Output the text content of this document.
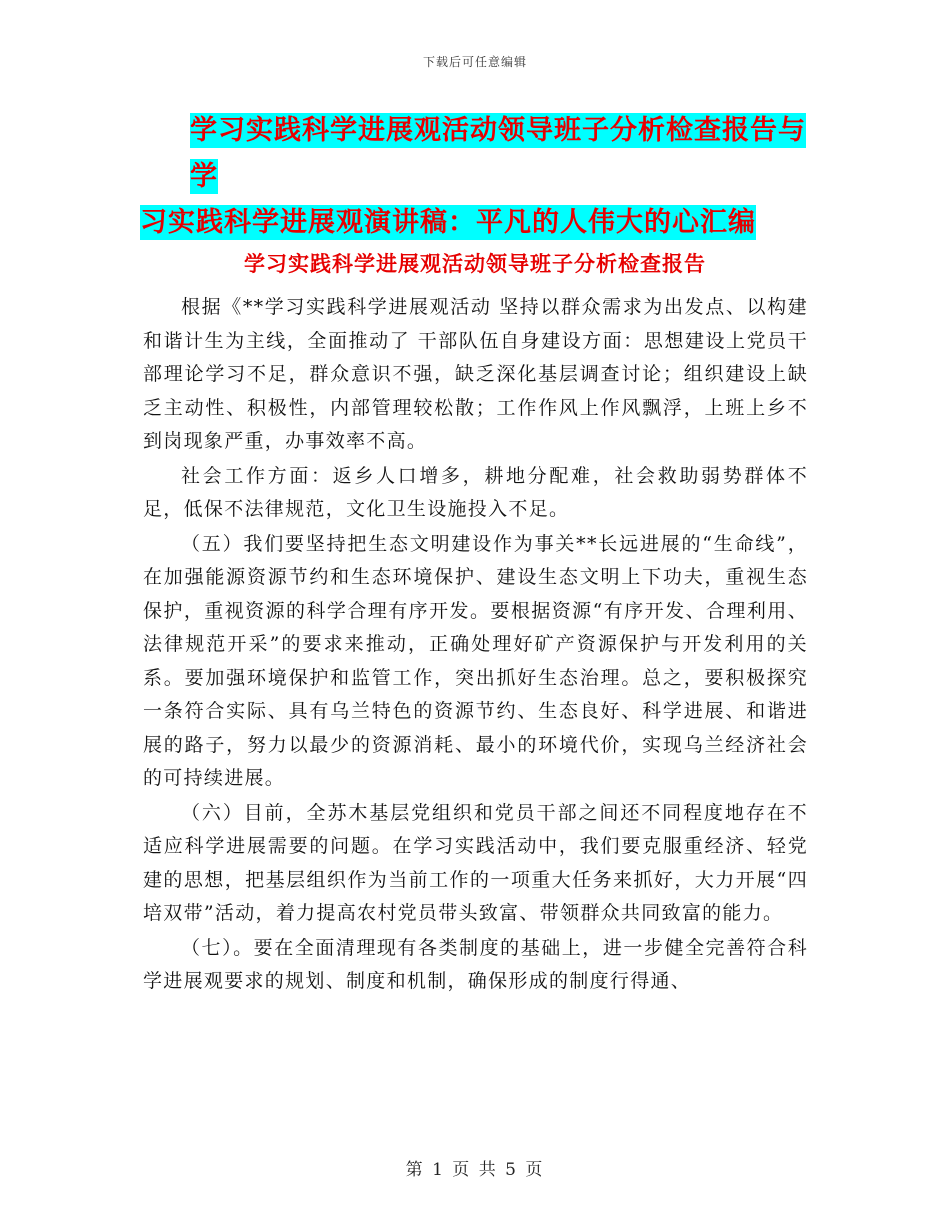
下载后可任意编辑
学习实践科学进展观活动领导班子分析检查报告与学
习实践科学进展观演讲稿：平凡的人伟大的心汇编
学习实践科学进展观活动领导班子分析检查报告

根据《**学习实践科学进展观活动 坚持以群众需求为出发点、以构建和谐计生为主线，全面推动了 干部队伍自身建设方面：思想建设上党员干部理论学习不足，群众意识不强，缺乏深化基层调查讨论；组织建设上缺乏主动性、积极性，内部管理较松散；工作作风上作风飘浮，上班上乡不到岗现象严重，办事效率不高。

社会工作方面：返乡人口增多，耕地分配难，社会救助弱势群体不足，低保不法律规范，文化卫生设施投入不足。

（五）我们要坚持把生态文明建设作为事关**长远进展的“生命线”，在加强能源资源节约和生态环境保护、建设生态文明上下功夫，重视生态保护，重视资源的科学合理有序开发。要根据资源“有序开发、合理利用、法律规范开采”的要求来推动，正确处理好矿产资源保护与开发利用的关系。要加强环境保护和监管工作，突出抓好生态治理。总之，要积极探究一条符合实际、具有乌兰特色的资源节约、生态良好、科学进展、和谐进展的路子，努力以最少的资源消耗、最小的环境代价，实现乌兰经济社会的可持续进展。

（六）目前，全苏木基层党组织和党员干部之间还不同程度地存在不适应科学进展需要的问题。在学习实践活动中，我们要克服重经济、轻党建的思想，把基层组织作为当前工作的一项重大任务来抓好，大力开展“四培双带”活动，着力提高农村党员带头致富、带领群众共同致富的能力。

（七）。要在全面清理现有各类制度的基础上，进一步健全完善符合科学进展观要求的规划、制度和机制，确保形成的制度行得通、

第 1 页 共 5 页
